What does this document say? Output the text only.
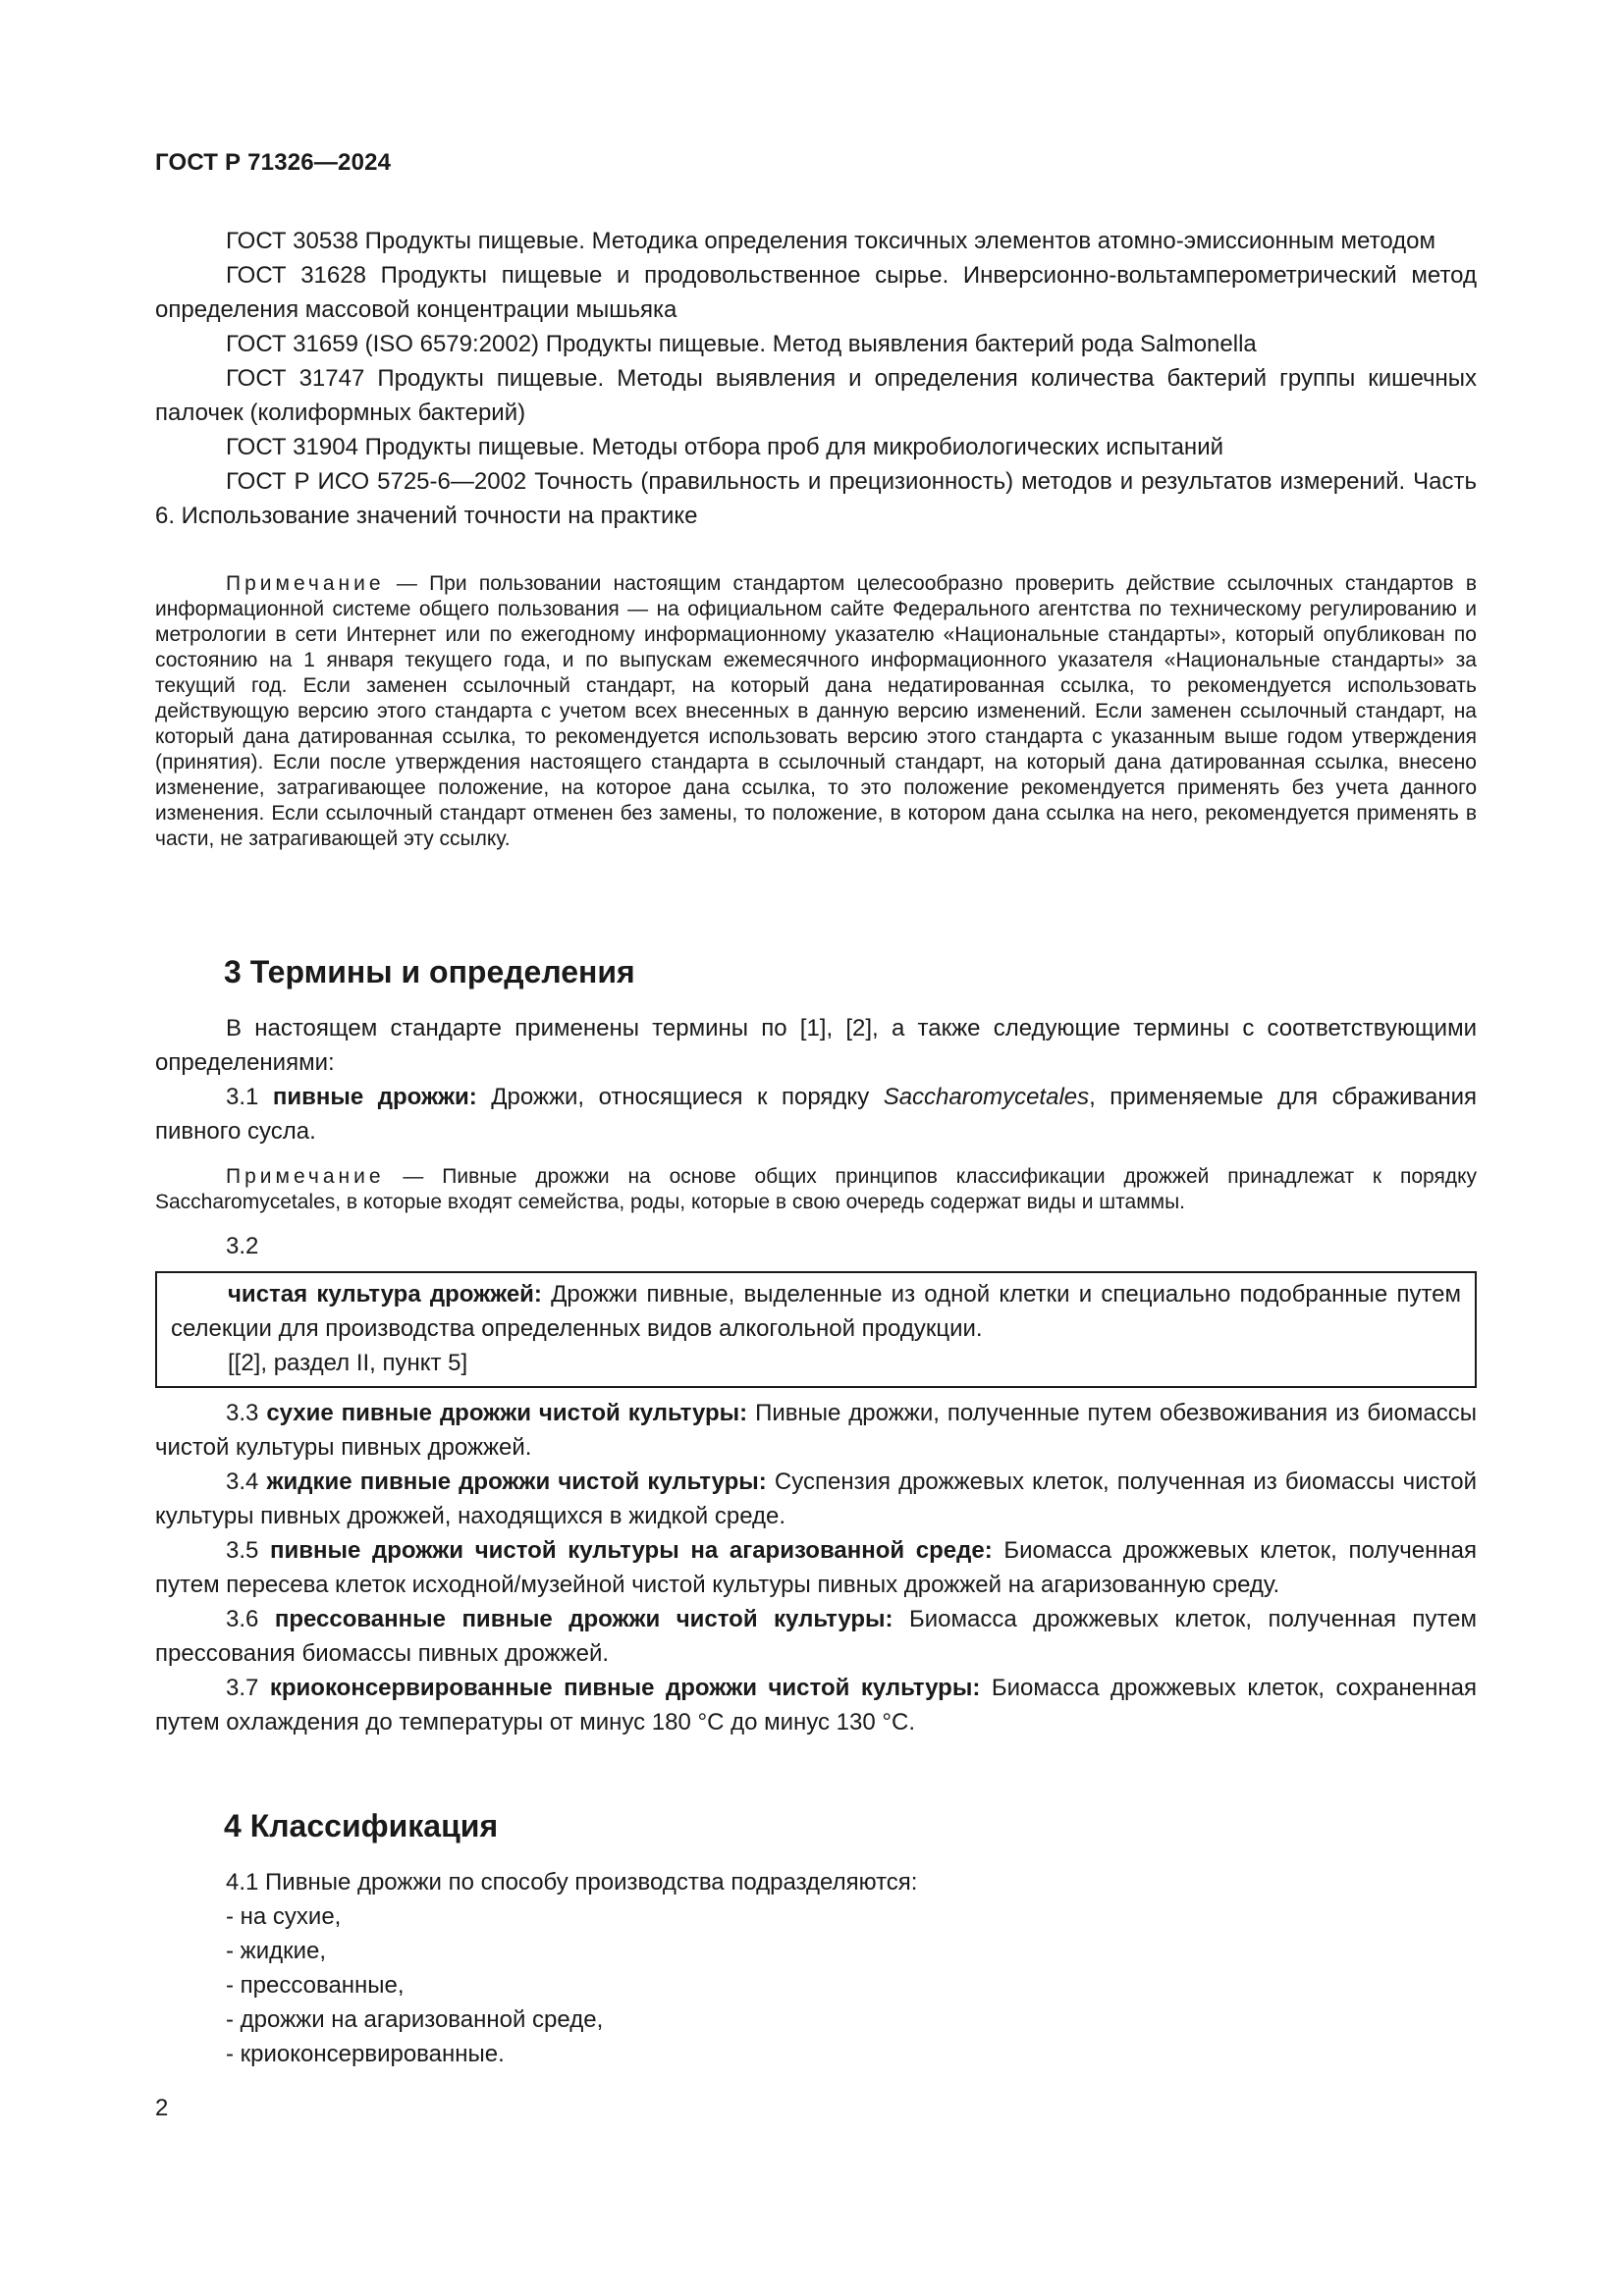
ГОСТ Р 71326—2024

ГОСТ 30538 Продукты пищевые. Методика определения токсичных элементов атомно-эмиссионным методом

ГОСТ 31628 Продукты пищевые и продовольственное сырье. Инверсионно-вольтамперометрический метод определения массовой концентрации мышьяка

ГОСТ 31659 (ISO 6579:2002) Продукты пищевые. Метод выявления бактерий рода Salmonella

ГОСТ 31747 Продукты пищевые. Методы выявления и определения количества бактерий группы кишечных палочек (колиформных бактерий)

ГОСТ 31904 Продукты пищевые. Методы отбора проб для микробиологических испытаний

ГОСТ Р ИСО 5725-6—2002 Точность (правильность и прецизионность) методов и результатов измерений. Часть 6. Использование значений точности на практике

Примечание — При пользовании настоящим стандартом целесообразно проверить действие ссылочных стандартов в информационной системе общего пользования — на официальном сайте Федерального агентства по техническому регулированию и метрологии в сети Интернет или по ежегодному информационному указателю «Национальные стандарты», который опубликован по состоянию на 1 января текущего года, и по выпускам ежемесячного информационного указателя «Национальные стандарты» за текущий год. Если заменен ссылочный стандарт, на который дана недатированная ссылка, то рекомендуется использовать действующую версию этого стандарта с учетом всех внесенных в данную версию изменений. Если заменен ссылочный стандарт, на который дана датированная ссылка, то рекомендуется использовать версию этого стандарта с указанным выше годом утверждения (принятия). Если после утверждения настоящего стандарта в ссылочный стандарт, на который дана датированная ссылка, внесено изменение, затрагивающее положение, на которое дана ссылка, то это положение рекомендуется применять без учета данного изменения. Если ссылочный стандарт отменен без замены, то положение, в котором дана ссылка на него, рекомендуется применять в части, не затрагивающей эту ссылку.

3 Термины и определения

В настоящем стандарте применены термины по [1], [2], а также следующие термины с соответствующими определениями:

3.1 пивные дрожжи: Дрожжи, относящиеся к порядку Saccharomycetales, применяемые для сбраживания пивного сусла.

Примечание — Пивные дрожжи на основе общих принципов классификации дрожжей принадлежат к порядку Saccharomycetales, в которые входят семейства, роды, которые в свою очередь содержат виды и штаммы.

3.2

чистая культура дрожжей: Дрожжи пивные, выделенные из одной клетки и специально подобранные путем селекции для производства определенных видов алкогольной продукции.

[[2], раздел II, пункт 5]

3.3 сухие пивные дрожжи чистой культуры: Пивные дрожжи, полученные путем обезвоживания из биомассы чистой культуры пивных дрожжей.

3.4 жидкие пивные дрожжи чистой культуры: Суспензия дрожжевых клеток, полученная из биомассы чистой культуры пивных дрожжей, находящихся в жидкой среде.

3.5 пивные дрожжи чистой культуры на агаризованной среде: Биомасса дрожжевых клеток, полученная путем пересева клеток исходной/музейной чистой культуры пивных дрожжей на агаризованную среду.

3.6 прессованные пивные дрожжи чистой культуры: Биомасса дрожжевых клеток, полученная путем прессования биомассы пивных дрожжей.

3.7 криоконсервированные пивные дрожжи чистой культуры: Биомасса дрожжевых клеток, сохраненная путем охлаждения до температуры от минус 180 °С до минус 130 °С.

4 Классификация

4.1 Пивные дрожжи по способу производства подразделяются:

- на сухие,

- жидкие,

- прессованные,

- дрожжи на агаризованной среде,

- криоконсервированные.

2
